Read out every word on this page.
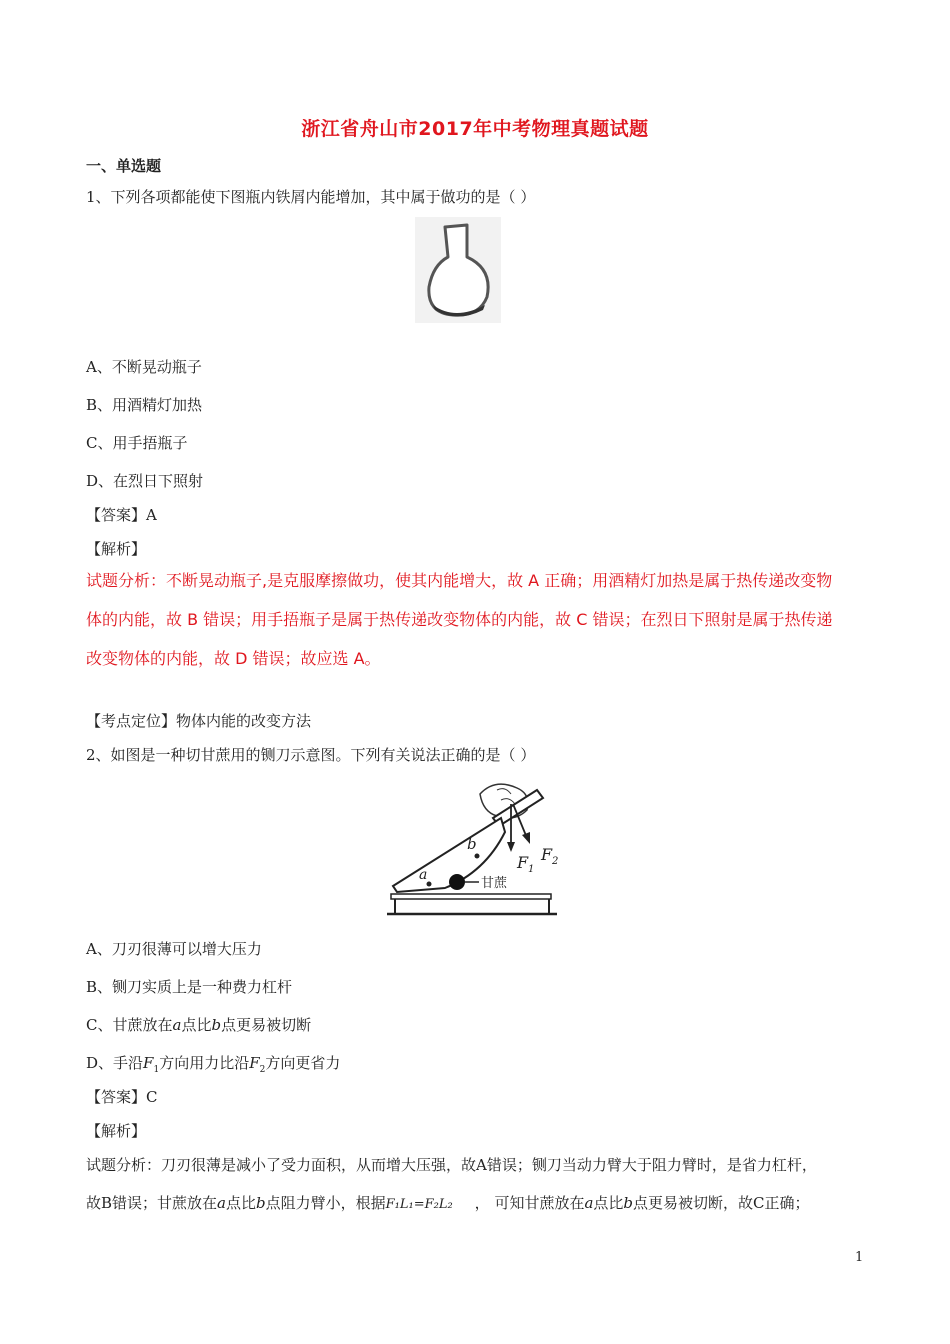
浙江省舟山市2017年中考物理真题试题
一、单选题
1、下列各项都能使下图瓶内铁屑内能增加，其中属于做功的是（ ）
A、不断晃动瓶子
B、用酒精灯加热
C、用手捂瓶子
D、在烈日下照射
【答案】A
【解析】
试题分析：不断晃动瓶子,是克服摩擦做功，使其内能增大，故 A 正确；用酒精灯加热是属于热传递改变物
体的内能，故 B 错误；用手捂瓶子是属于热传递改变物体的内能，故 C 错误；在烈日下照射是属于热传递
改变物体的内能，故 D 错误；故应选 A。
【考点定位】物体内能的改变方法
2、如图是一种切甘蔗用的铡刀示意图。下列有关说法正确的是（ ）
a
b
甘蔗
F 1
F 2
A、刀刃很薄可以增大压力
B、铡刀实质上是一种费力杠杆
C、甘蔗放在a点比b点更易被切断
D、手沿$F_1$方向用力比沿$F_2$方向更省力
【答案】C
【解析】
试题分析：刀刃很薄是减小了受力面积，从而增大压强，故A错误；铡刀当动力臂大于阻力臂时，是省力杠杆，
故B错误；甘蔗放在a点比b点阻力臂小，根据F₁L₁=F₂L₂ ， 可知甘蔗放在a点比b点更易被切断，故C正确；
1
